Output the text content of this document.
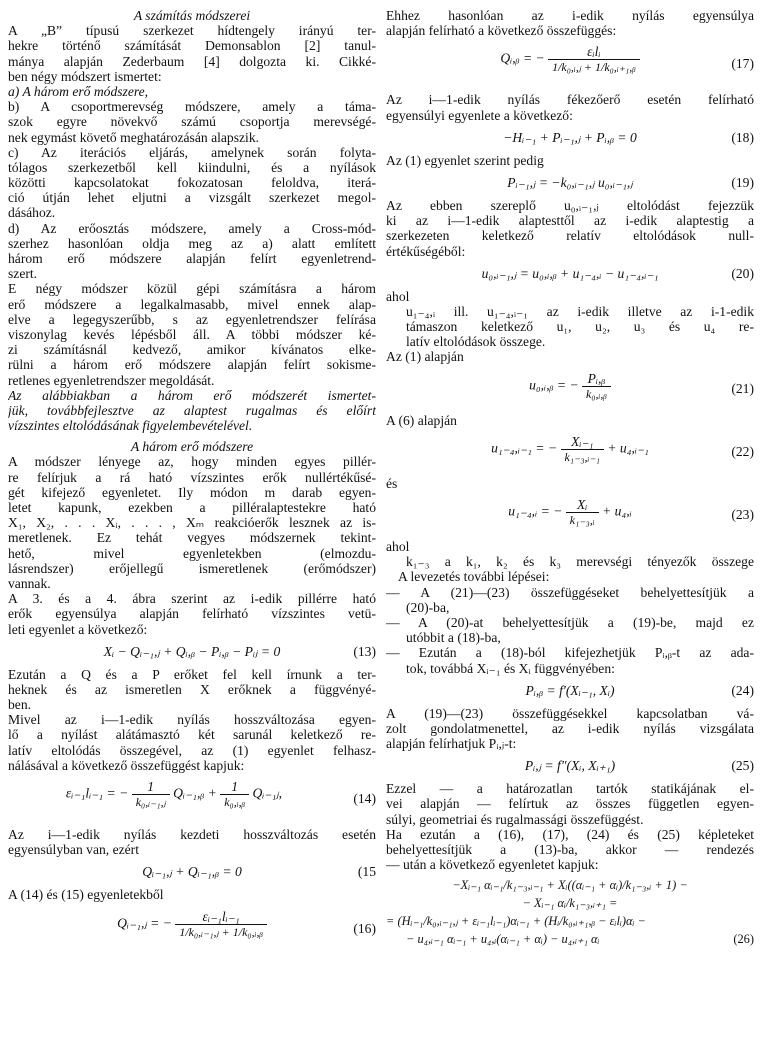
A számítás módszerei
A „B” típusú szerkezet hídtengely irányú ter-
hekre történő számítását Demonsablon [2] tanul-
mánya alapján Zederbaum [4] dolgozta ki. Cikké-
ben négy módszert ismertet:
a) A három erő módszere,
b) A csoportmerevség módszere, amely a táma-
szok egyre növekvő számú csoportja merevségé-
nek egymást követő meghatározásán alapszik.
c) Az iterációs eljárás, amelynek során folyta-
tólagos szerkezetből kell kiindulni, és a nyílások
közötti kapcsolatokat fokozatosan feloldva, iterá-
ció útján lehet eljutni a vizsgált szerkezet megol-
dásához.
d) Az erőosztás módszere, amely a Cross-mód-
szerhez hasonlóan oldja meg az a) alatt említett
három erő módszere alapján felírt egyenletrend-
szert.
E négy módszer közül gépi számításra a három
erő módszere a legalkalmasabb, mivel ennek alap-
elve a legegyszerűbb, s az egyenletrendszer felírása
viszonylag kevés lépésből áll. A többi módszer ké-
zi számításnál kedvező, amikor kívánatos elke-
rülni a három erő módszere alapján felírt sokisme-
retlenes egyenletrendszer megoldását.
Az alábbiakban a három erő módszerét ismertet-
jük, továbbfejlesztve az alaptest rugalmas és előírt
vízszintes eltolódásának figyelembevételével.
A három erő módszere
A módszer lényege az, hogy minden egyes pillér-
re felírjuk a rá ható vízszintes erők nullértékűsé-
gét kifejező egyenletet. Ily módon m darab egyen-
letet kapunk, ezekben a pilléralaptestekre ható
X₁, X₂, . . . Xᵢ, . . . , Xₘ reakcióerők lesznek az is-
meretlenek. Ez tehát vegyes módszernek tekint-
hető, mivel egyenletekben (elmozdu-
lásrendszer) erőjellegű ismeretlenek (erőmódszer)
vannak.
A 3. és a 4. ábra szerint az i-edik pillérre ható
erők egyensúlya alapján felírható vízszintes vetü-
leti egyenlet a következő:
Xᵢ − Qᵢ₋₁,ⱼ + Qᵢ,ᵦ − Pᵢ,ᵦ − Pᵢⱼ = 0	(13)
Ezután a Q és a P erőket fel kell írnunk a ter-
heknek és az ismeretlen X erőknek a függvényé-
ben.
Mivel az i—1-edik nyílás hosszváltozása egyen-
lő a nyílást alátámasztó két sarunál keletkező re-
latív eltolódás összegével, az (1) egyenlet felhasz-
nálásával a következő összefüggést kapjuk:
εᵢ₋₁lᵢ₋₁ = − $\frac{1}{\text{k₀,ᵢ₋₁,ⱼ}}$ Qᵢ₋₁,ᵦ + $\frac{1}{\text{k₀,ᵢ,ᵦ}}$ Qᵢ₋₁ⱼ,	(14)
Az i—1-edik nyílás kezdeti hosszváltozás esetén
egyensúlyban van, ezért
Qᵢ₋₁,ⱼ + Qᵢ₋₁,ᵦ = 0	(15
A (14) és (15) egyenletekből
Qᵢ₋₁,ⱼ = − $\frac{\text{εᵢ₋₁lᵢ₋₁}}{\text{1/k₀,ᵢ₋₁,ⱼ + 1/k₀,ᵢ,ᵦ}}$	(16)
Ehhez hasonlóan az i-edik nyílás egyensúlya
alapján felírható a következő összefüggés:
Qᵢ,ᵦ = − $\frac{\text{εᵢlᵢ}}{\text{1/k₀,ᵢ,ⱼ + 1/k₀,ᵢ₊₁,ᵦ}}$	(17)
Az i—1-edik nyílás fékezőerő esetén felírható
egyensúlyi egyenlete a következő:
−Hᵢ₋₁ + Pᵢ₋₁,ⱼ + Pᵢ,ᵦ = 0	(18)
Az (1) egyenlet szerint pedig
Pᵢ₋₁,ⱼ = −k₀,ᵢ₋₁,ⱼ u₀,ᵢ₋₁,ⱼ	(19)
Az ebben szereplő u₀,ᵢ₋₁,ⱼ eltolódást fejezzük
ki az i—1-edik alaptesttől az i-edik alaptestig a
szerkezeten keletkező relatív eltolódások null-
értékűségéből:
u₀,ᵢ₋₁,ⱼ = u₀,ᵢ,ᵦ + u₁₋₄,ᵢ − u₁₋₄,ᵢ₋₁	(20)
ahol
u₁₋₄,ᵢ ill. u₁₋₄,ᵢ₋₁ az i-edik illetve az i-1-edik
támaszon keletkező u₁, u₂, u₃ és u₄ re-
latív eltolódások összege.
Az (1) alapján
u₀,ᵢ,ᵦ = − $\frac{\text{Pᵢ,ᵦ}}{\text{k₀,ᵢ,ᵦ}}$	(21)
A (6) alapján
u₁₋₄,ᵢ₋₁ = − $\frac{\text{Xᵢ₋₁}}{\text{k₁₋₃,ᵢ₋₁}}$ + u₄,ᵢ₋₁	(22)
és
u₁₋₄,ᵢ = − $\frac{\text{Xᵢ}}{\text{k₁₋₃,ᵢ}}$ + u₄,ᵢ	(23)
ahol
k₁₋₃ a k₁, k₂ és k₃ merevségi tényezők összege
A levezetés további lépései:
— A (21)—(23) összefüggéseket behelyettesítjük a
(20)-ba,
— A (20)-at behelyettesítjük a (19)-be, majd ez
utóbbit a (18)-ba,
— Ezután a (18)-ból kifejezhetjük Pᵢ,ᵦ-t az ada-
tok, továbbá Xᵢ₋₁ és Xᵢ függvényében:
Pᵢ,ᵦ = f′(Xᵢ₋₁, Xᵢ)	(24)
A (19)—(23) összefüggésekkel kapcsolatban vá-
zolt gondolatmenettel, az i-edik nyílás vizsgálata
alapján felírhatjuk Pᵢ,ⱼ-t:
Pᵢ,ⱼ = f″(Xᵢ, Xᵢ₊₁)	(25)
Ezzel — a határozatlan tartók statikájának el-
vei alapján — felírtuk az összes független egyen-
súlyi, geometriai és rugalmassági összefüggést.
Ha ezután a (16), (17), (24) és (25) képleteket
behelyettesítjük a (13)-ba, akkor — rendezés
— után a következő egyenletet kapjuk:
−Xᵢ₋₁ αᵢ₋₁/k₁₋₃,ᵢ₋₁ + Xᵢ((αᵢ₋₁ + αᵢ)/k₁₋₃,ᵢ + 1) −
− Xᵢ₋₁ αᵢ/k₁₋₃,ᵢ₊₁ =
= (Hᵢ₋₁/k₀,ᵢ₋₁,ⱼ + εᵢ₋₁lᵢ₋₁)αᵢ₋₁ + (Hᵢ/k₀,ᵢ₊₁,ᵦ − εᵢlᵢ)αᵢ −
− u₄,ᵢ₋₁ αᵢ₋₁ + u₄,ᵢ(αᵢ₋₁ + αᵢ) − u₄,ᵢ₊₁ αᵢ	(26)
